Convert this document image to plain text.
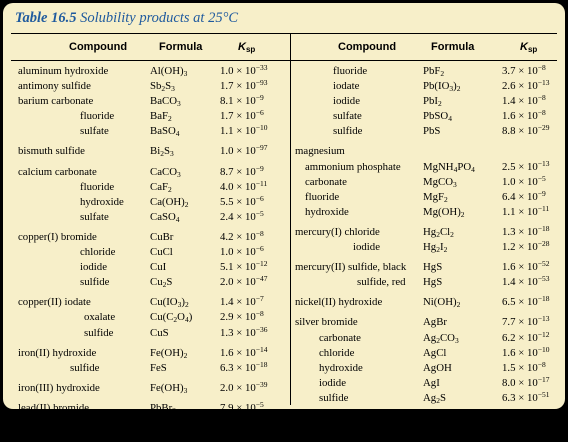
Table 16.5 Solubility products at 25°C
Compound	Formula	$K_{sp}$	Compound	Formula	$K_{sp}$
aluminum hydroxide	$Al(OH)_3$	$1.0 \times 10^{-33}$
antimony sulfide	$Sb_2S_3$	$1.7 \times 10^{-93}$
barium carbonate	BaCO$_3$	$8.1 \times 10^{-9}$
fluoride	BaF$_2$	$1.7 \times 10^{-6}$
sulfate	BaSO$_4$	$1.1 \times 10^{-10}$
bismuth sulfide	$Bi_2S_3$	$1.0 \times 10^{-97}$
calcium carbonate	CaCO$_3$	$8.7 \times 10^{-9}$
fluoride	CaF$_2$	$4.0 \times 10^{-11}$
hydroxide $Ca(OH)_2$	$5.5 \times 10^{-6}$
sulfate	CaSO$_4$	$2.4 \times 10^{-5}$
copper(I) bromide	CuBr	$4.2 \times 10^{-8}$
chloride	CuCl	$1.0 \times 10^{-6}$
iodide	CuI	$5.1 \times 10^{-12}$
sulfide	$Cu_2S$	$2.0 \times 10^{-47}$
copper(II) iodate	$Cu(IO_3)_2$	$1.4 \times 10^{-7}$
oxalate	$Cu(C_2O_4)$	$2.9 \times 10^{-8}$
sulfide	CuS	$1.3 \times 10^{-36}$
iron(II) hydroxide	$Fe(OH)_2$	$1.6 \times 10^{-14}$
sulfide	FeS	$6.3 \times 10^{-18}$
iron(III) hydroxide	$Fe(OH)_3$	$2.0 \times 10^{-39}$
lead(II) bromide	PbBr$_2$	$7.9 \times 10^{-5}$
chloride	PbCl$_2$	$1.6 \times 10^{-5}$
fluoride	PbF$_2$	$3.7 \times 10^{-8}$
iodate	$Pb(IO_3)_2$	$2.6 \times 10^{-13}$
iodide	PbI$_2$	$1.4 \times 10^{-8}$
sulfate	PbSO$_4$	$1.6 \times 10^{-8}$
sulfide	PbS	$8.8 \times 10^{-29}$
magnesium
ammonium phosphate $MgNH_4PO_4$	$2.5 \times 10^{-13}$
carbonate	MgCO$_3$	$1.0 \times 10^{-5}$
fluoride	MgF$_2$	$6.4 \times 10^{-9}$
hydroxide	$Mg(OH)_2$	$1.1 \times 10^{-11}$
mercury(I) chloride	$Hg_2Cl_2$	$1.3 \times 10^{-18}$
iodide	$Hg_2I_2$	$1.2 \times 10^{-28}$
mercury(II) sulfide, black HgS	$1.6 \times 10^{-52}$
sulfide, red HgS	$1.4 \times 10^{-53}$
nickel(II) hydroxide	$Ni(OH)_2$	$6.5 \times 10^{-18}$
silver bromide	AgBr	$7.7 \times 10^{-13}$
carbonate	$Ag_2CO_3$	$6.2 \times 10^{-12}$
chloride	AgCl	$1.6 \times 10^{-10}$
hydroxide	AgOH	$1.5 \times 10^{-8}$
iodide	AgI	$8.0 \times 10^{-17}$
sulfide	$Ag_2S$	$6.3 \times 10^{-51}$
zinc hydroxide	$Zn(OH)_2$	$2.0 \times 10^{-17}$
sulfide	ZnS	$1.6 \times 10^{-24}$
